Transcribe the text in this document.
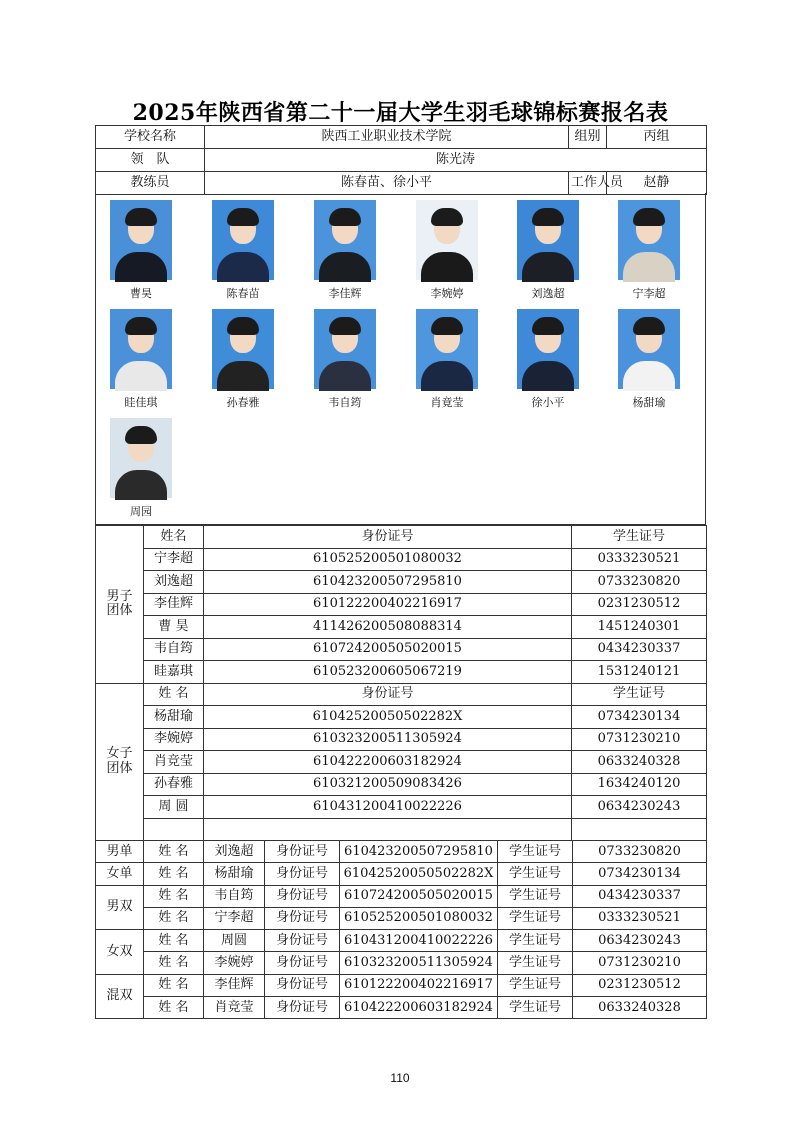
2025年陕西省第二十一届大学生羽毛球锦标赛报名表
学校名称	陕西工业职业技术学院	组别	丙组
领　队	陈光涛		
教练员	陈春苗、徐小平	工作人员	赵静
曹昊	陈春苗	李佳辉	李婉婷	刘逸超	宁李超
眭佳琪	孙春雅	韦自筠	肖竟莹	徐小平	杨甜瑜
周园
男子
团体	姓名	身份证号	学生证号
	宁李超	610525200501080032	0333230521
	刘逸超	610423200507295810	0733230820
	李佳辉	610122200402216917	0231230512
	曹 昊	411426200508088314	1451240301
	韦自筠	610724200505020015	0434230337
	眭嘉琪	610523200605067219	1531240121
女子
团体	姓 名	身份证号	学生证号
	杨甜瑜	61042520050502282X	0734230134
	李婉婷	610323200511305924	0731230210
	肖竞莹	610422200603182924	0633240328
	孙春雅	610321200509083426	1634240120
	周 圆	610431200410022226	0634230243

男单	姓 名	刘逸超	身份证号	610423200507295810	学生证号	0733230820
女单	姓 名	杨甜瑜	身份证号	61042520050502282X	学生证号	0734230134
男双	姓 名	韦自筠	身份证号	610724200505020015	学生证号	0434230337
	姓 名	宁李超	身份证号	610525200501080032	学生证号	0333230521
女双	姓 名	周圆	身份证号	610431200410022226	学生证号	0634230243
	姓 名	李婉婷	身份证号	610323200511305924	学生证号	0731230210
混双	姓 名	李佳辉	身份证号	610122200402216917	学生证号	0231230512
	姓 名	肖竞莹	身份证号	610422200603182924	学生证号	0633240328
110
